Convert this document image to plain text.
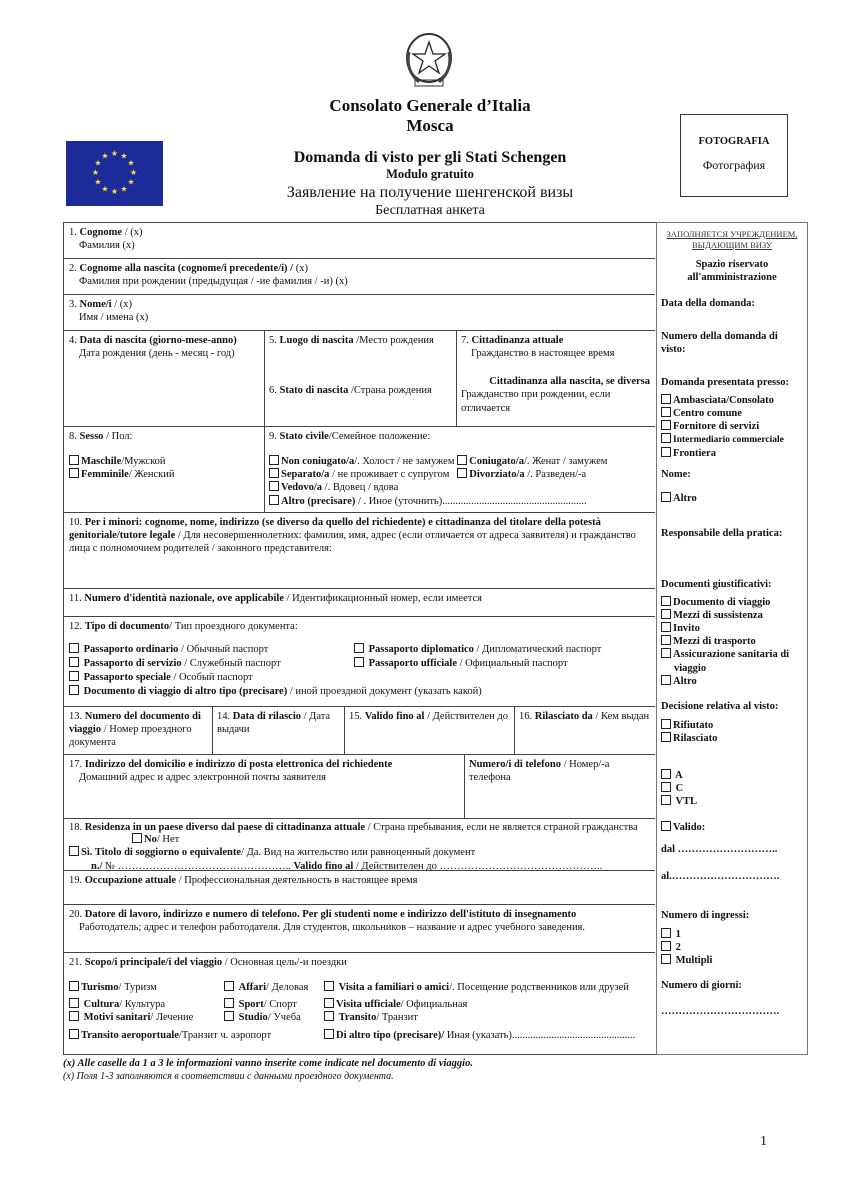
Consolato Generale d’Italia
Mosca
Domanda di visto per gli Stati Schengen
Modulo gratuito
Заявление на получение шенгенской визы
Бесплатная анкета
★ ★
★
★
★
★
★
★
★
★
★
★
FOTOGRAFIA
Фотография
1. Cognome / (x)
Фамилия (x)
2. Cognome alla nascita (cognome/i precedente/i) / (x)
Фамилия при рождении (предыдущая / -ие фамилия / -и) (x)
3. Nome/i / (x)
Имя / имена (x)
4. Data di nascita (giorno-mese-anno)
Дата рождения (день - месяц - год)
5. Luogo di nascita /Место рождения
6. Stato di nascita /Страна рождения
7. Cittadinanza attuale
Гражданство в настоящее время
Cittadinanza alla nascita, se diversa
Гражданство при рождении, если отличается
8. Sesso / Пол:
Maschile/Мужской
Femminile/ Женский
9. Stato civile/Семейное положение:
Non coniugato/a/. Холост / не замужем Coniugato/a/. Женат / замужем
Separato/a / не проживает с супругом Divorziato/a /. Разведен/-а
Vedovo/a /. Вдовец / вдова
Altro (precisare) / . Иное (уточнить).......................................................
10. Per i minori: cognome, nome, indirizzo (se diverso da quello del richiedente) e cittadinanza del titolare della potestà genitoriale/tutore legale / Для несовершеннолетних: фамилия, имя, адрес (если отличается от адреса заявителя) и гражданство лица с полномочием родителей / законного представителя:
11. Numero d'identità nazionale, ove applicabile / Идентификационный номер, если имеется
12. Tipo di documento/ Тип проездного документа:
Passaporto ordinario / Обычный паспорт	Passaporto diplomatico / Дипломатический паспорт
Passaporto di servizio / Служебный паспорт	Passaporto ufficiale / Официальный паспорт
Passaporto speciale / Особый паспорт
Documento di viaggio di altro tipo (precisare) / иной проездной документ (указать какой)
13. Numero del documento di viaggio / Номер проездного документа
14. Data di rilascio / Дата выдачи
15. Valido fino al / Действителен до	16. Rilasciato da / Кем выдан
17. Indirizzo del domicilio e indirizzo di posta elettronica del richiedente
Домашний адрес и адрес электронной почты заявителя
Numero/i di telefono / Номер/-а телефона
18. Residenza in un paese diverso dal paese di cittadinanza attuale / Страна пребывания, если не является страной гражданства
No/ Нет
Sì. Titolo di soggiorno o equivalente/ Да. Вид на жительство или равноценный документ
n./ № ………………………………………….. Valido fino al / Действителен до ………………………………………..
19. Occupazione attuale / Профессиональная деятельность в настоящее время
20. Datore di lavoro, indirizzo e numero di telefono. Per gli studenti nome e indirizzo dell'istituto di insegnamento
Работодатель; адрес и телефон работодателя. Для студентов, школьников – название и адрес учебного заведения.
21. Scopo/i principale/i del viaggio / Основная цель/-и поездки
Turismo/ Туризм	Affari/ Деловая	Visita a familiari o amici/. Посещение родственников или друзей
Cultura/ Культура	Sport/ Спорт	Visita ufficiale/ Официальная
Motivi sanitari/ Лечение	Studio/ Учеба	Transito/ Транзит
Transito aeroportuale/Транзит ч. аэропорт	Di altro tipo (precisare)/ Иная (указать)...............................................
ЗАПОЛНЯЕТСЯ УЧРЕЖДЕНИЕМ, ВЫДАЮЩИМ ВИЗУ
Spazio riservato all'amministrazione
Data della domanda:
Numero della domanda di visto:
Domanda presentata presso:
Ambasciata/Consolato
Centro comune
Fornitore di servizi
Intermediario commerciale
Frontiera
Nome:
Altro
Responsabile della pratica:
Documenti giustificativi:
Documento di viaggio
Mezzi di sussistenza
Invito
Mezzi di trasporto
Assicurazione sanitaria di
viaggio
Altro
Decisione relativa al visto:
Rifiutato
Rilasciato
A
C
VTL
Valido:
dal ………………………..
al.………………………….
Numero di ingressi:
1
2
Multipli
Numero di giorni:
…………………………….
(x) Alle caselle da 1 a 3 le informazioni vanno inserite come indicate nel documento di viaggio.
(x) Поля 1-3 заполняются в соответствии с данными проездного документа.
1
